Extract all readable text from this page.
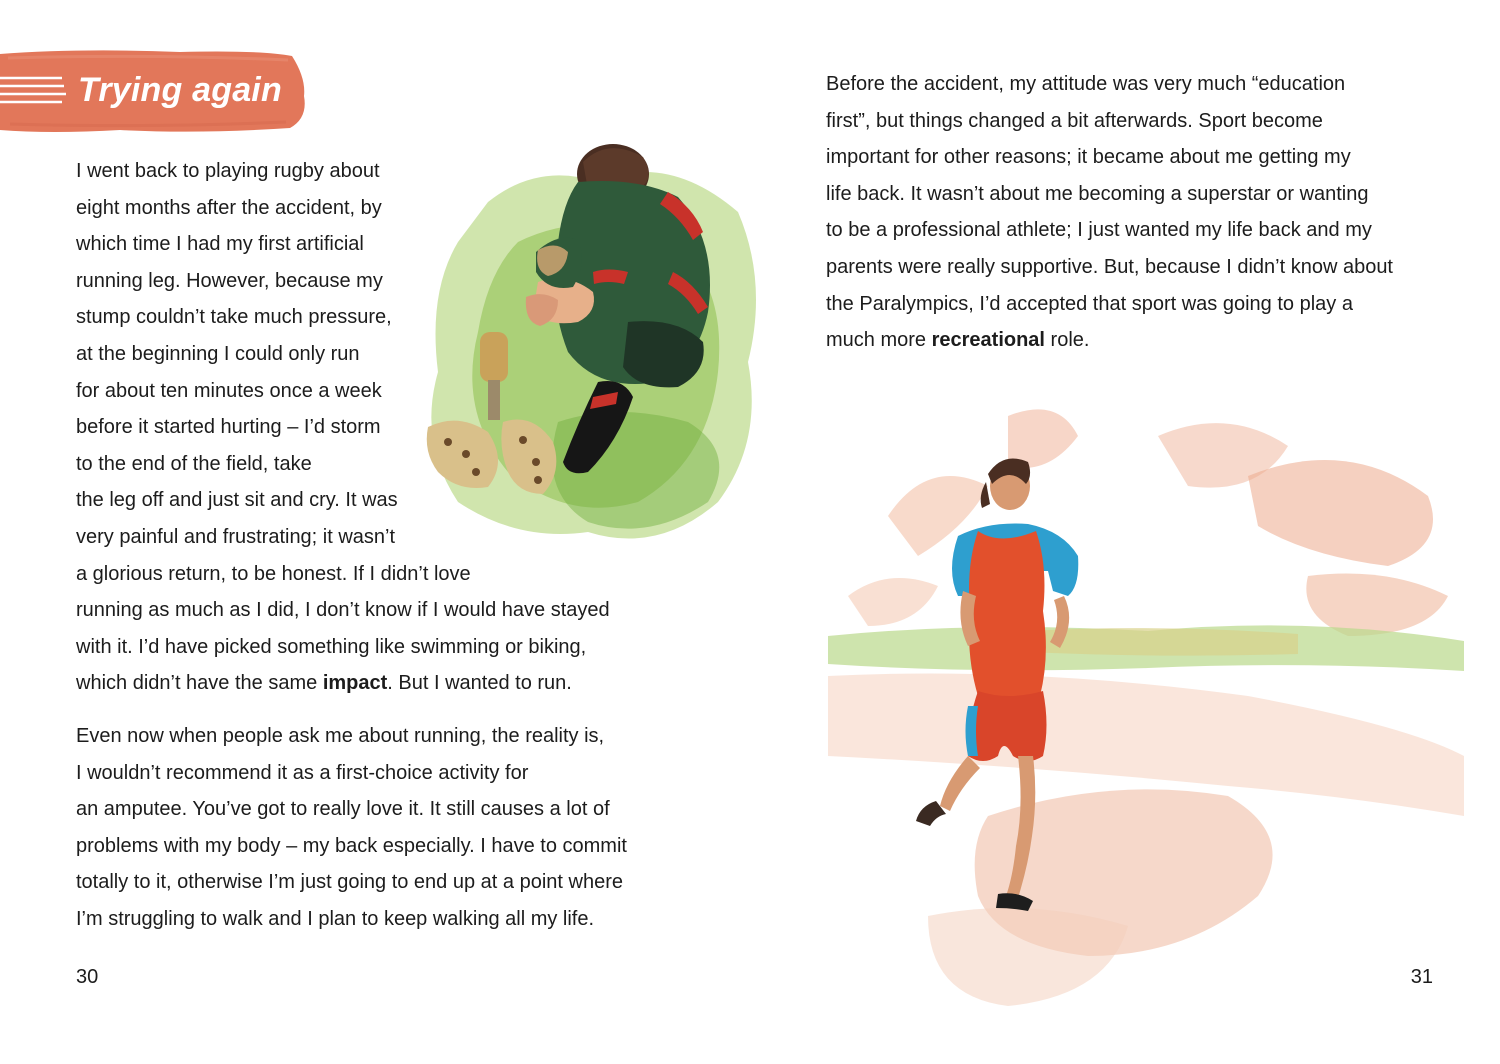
Trying again
I went back to playing rugby about
eight months after the accident, by
which time I had my first artificial
running leg. However, because my
stump couldn’t take much pressure,
at the beginning I could only run
for about ten minutes once a week
before it started hurting – I’d storm
to the end of the field, take
the leg off and just sit and cry. It was
very painful and frustrating; it wasn’t
a glorious return, to be honest. If I didn’t love
running as much as I did, I don’t know if I would have stayed
with it. I’d have picked something like swimming or biking,
which didn’t have the same impact. But I wanted to run.
Even now when people ask me about running, the reality is,
I wouldn’t recommend it as a first-choice activity for
an amputee. You’ve got to really love it. It still causes a lot of
problems with my body – my back especially. I have to commit
totally to it, otherwise I’m just going to end up at a point where
I’m struggling to walk and I plan to keep walking all my life.

30

Before the accident, my attitude was very much “education
first”, but things changed a bit afterwards. Sport become
important for other reasons; it became about me getting my
life back. It wasn’t about me becoming a superstar or wanting
to be a professional athlete; I just wanted my life back and my
parents were really supportive. But, because I didn’t know about
the Paralympics, I’d accepted that sport was going to play a
much more recreational role.

31
